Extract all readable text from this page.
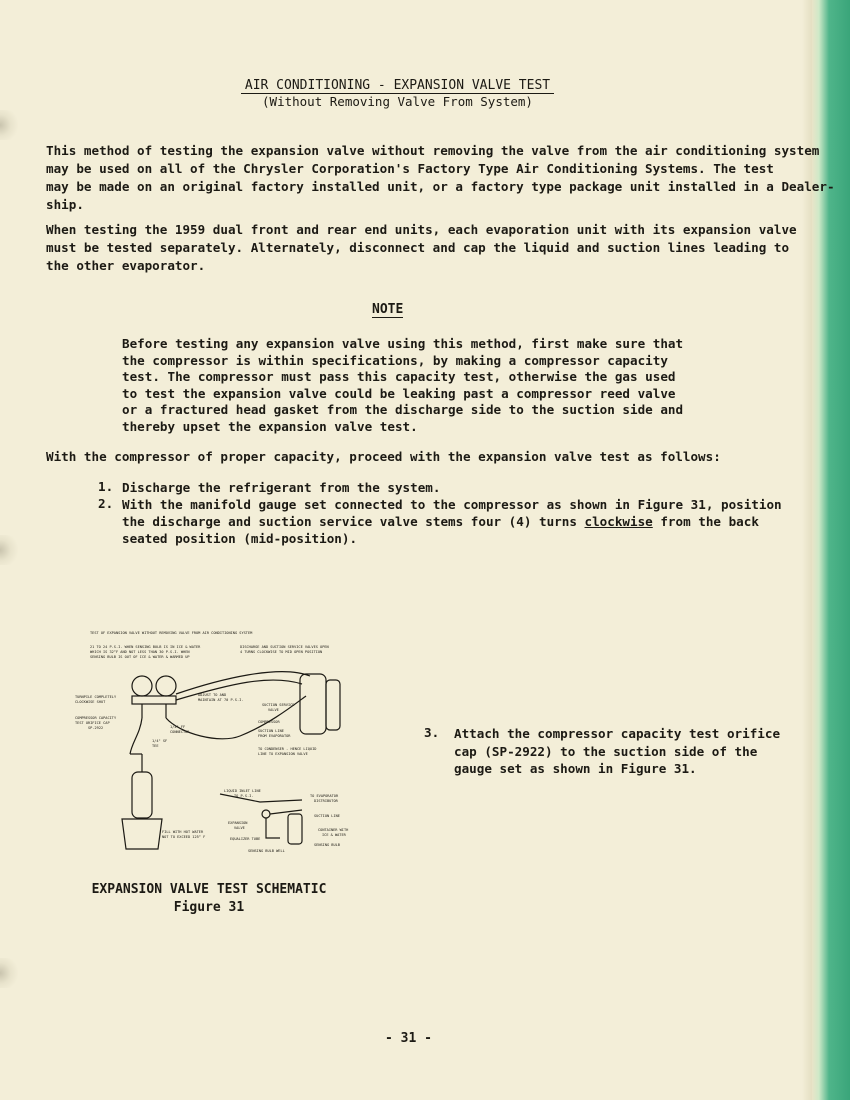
AIR CONDITIONING - EXPANSION VALVE TEST
(Without Removing Valve From System)
This method of testing the expansion valve without removing the valve from the air conditioning system
may be used on all of the Chrysler Corporation's Factory Type Air Conditioning Systems. The test
may be made on an original factory installed unit, or a factory type package unit installed in a Dealer-
ship.
When testing the 1959 dual front and rear end units, each evaporation unit with its expansion valve
must be tested separately. Alternately, disconnect and cap the liquid and suction lines leading to
the other evaporator.
NOTE
Before testing any expansion valve using this method, first make sure that
the compressor is within specifications, by making a compressor capacity
test. The compressor must pass this capacity test, otherwise the gas used
to test the expansion valve could be leaking past a compressor reed valve
or a fractured head gasket from the discharge side to the suction side and
thereby upset the expansion valve test.
With the compressor of proper capacity, proceed with the expansion valve test as follows:
1. Discharge the refrigerant from the system.
2. With the manifold gauge set connected to the compressor as shown in Figure 31, position
the discharge and suction service valve stems four (4) turns clockwise from the back
seated position (mid-position).
3. Attach the compressor capacity test orifice
cap (SP-2922) to the suction side of the
gauge set as shown in Figure 31.
TEST OF EXPANSION VALVE WITHOUT REMOVING VALVE FROM AIR CONDITIONING SYSTEM
21 TO 24 P.S.I. WHEN SENSING BULB IS IN ICE & WATER
WHICH IS 32°F AND NOT LESS THAN 30 P.S.I. WHEN
SENSING BULB IS OUT OF ICE & WATER & WARMED UP
DISCHARGE AND SUCTION SERVICE VALVES OPEN
4 TURNS CLOCKWISE TO MID OPEN POSITION
TURNPILE COMPLETELY
CLOCKWISE SHUT
ADJUST TO AND
MAINTAIN AT 70 P.S.I.
COMPRESSOR CAPACITY
TEST ORIFICE CAP
SP-2922	1/4" FF
CONNECTOR
1/4" SF
TEE
SUCTION SERVICE
VALVE
COMPRESSOR
SUCTION LINE
FROM EVAPORATOR
TO CONDENSER - HENCE LIQUID
LINE TO EXPANSION VALVE
FILL WITH HOT WATER
NOT TO EXCEED 125° F
LIQUID INLET LINE
TO P.S.I.	TO EVAPORATOR
DISTRIBUTOR
EXPANSION
VALVE
SUCTION LINE
CONTAINER WITH
ICE & WATER
EQUALIZER TUBE
SENSING BULB
SENSING BULB WELL
EXPANSION VALVE TEST SCHEMATIC
Figure 31
- 31 -
